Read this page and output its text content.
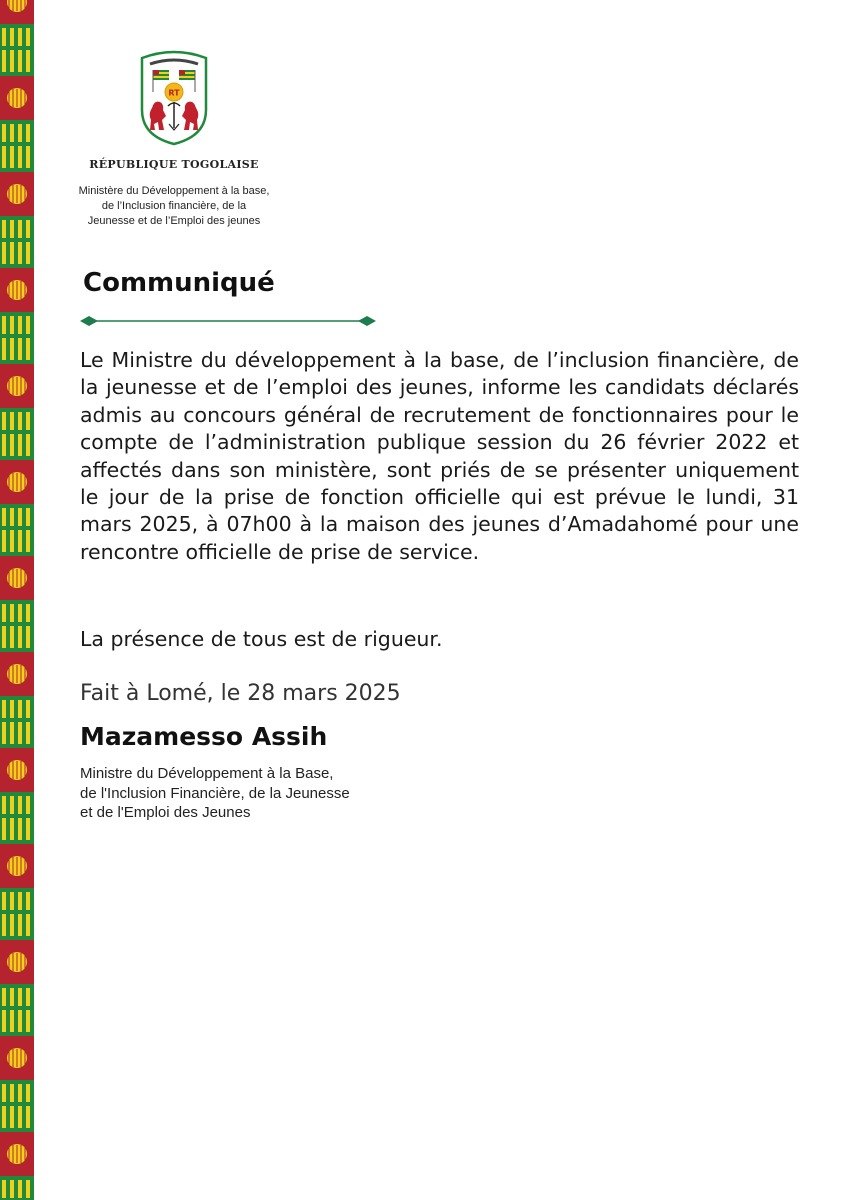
RT

RÉPUBLIQUE TOGOLAISE

Ministère du Développement à la base,
de l’Inclusion financière, de la
Jeunesse et de l’Emploi des jeunes
Communiqué

Le Ministre du développement à la base, de l’inclusion financière, de la jeunesse et de l’emploi des jeunes, informe les candidats déclarés admis au concours général de recrutement de fonctionnaires pour le compte de l’administration publique session du 26 février 2022 et affectés dans son ministère, sont priés de se présenter uniquement le jour de la prise de fonction officielle qui est prévue le lundi, 31 mars 2025, à 07h00 à la maison des jeunes d’Amadahomé pour une rencontre officielle de prise de service.

La présence de tous est de rigueur.

Fait à Lomé, le 28 mars 2025

Mazamesso Assih

Ministre du Développement à la Base,
de l'Inclusion Financière, de la Jeunesse
et de l'Emploi des Jeunes
